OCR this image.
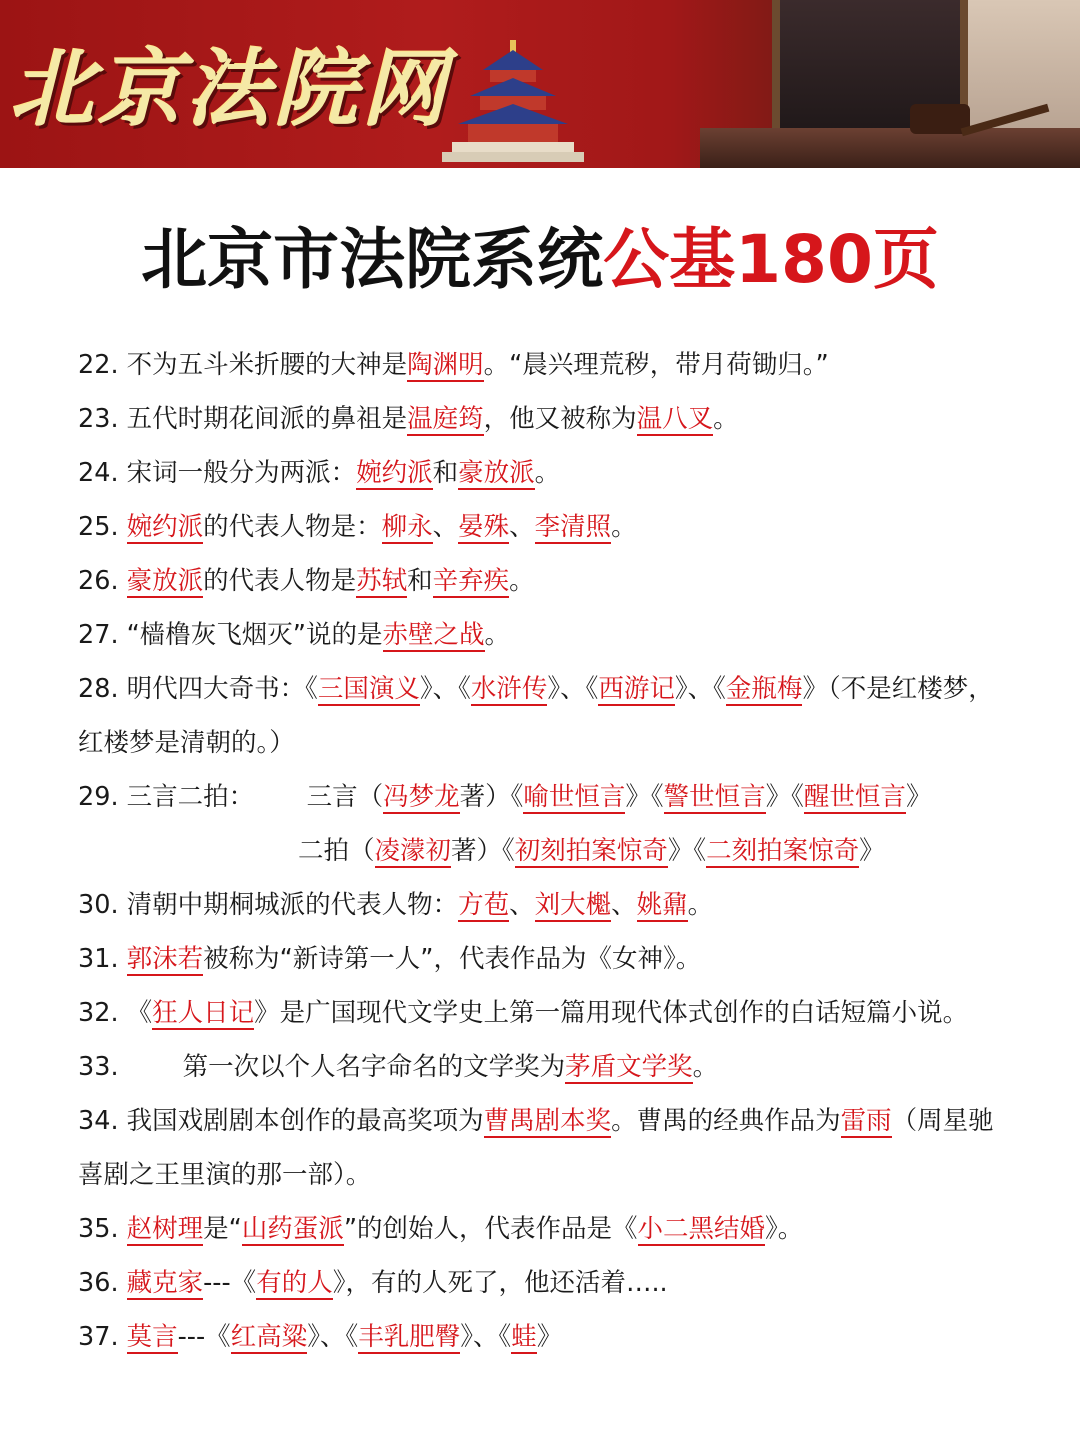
北京法院网
北京市法院系统公基180页
22. 不为五斗米折腰的大神是陶渊明。“晨兴理荒秽，带月荷锄归。”
23. 五代时期花间派的鼻祖是温庭筠，他又被称为温八叉。
24. 宋词一般分为两派：婉约派和豪放派。
25. 婉约派的代表人物是：柳永、晏殊、李清照。
26. 豪放派的代表人物是苏轼和辛弃疾。
27. “樯橹灰飞烟灭”说的是赤壁之战。
28. 明代四大奇书：《三国演义》、《水浒传》、《西游记》、《金瓶梅》（不是红楼梦，
红楼梦是清朝的。）
29. 三言二拍： 三言（冯梦龙著）《喻世恒言》《警世恒言》《醒世恒言》
二拍（凌濛初著）《初刻拍案惊奇》《二刻拍案惊奇》
30. 清朝中期桐城派的代表人物：方苞、刘大櫆、姚鼐。
31. 郭沫若被称为“新诗第一人”，代表作品为《女神》。
32. 《狂人日记》是广国现代文学史上第一篇用现代体式创作的白话短篇小说。
33.	第一次以个人名字命名的文学奖为茅盾文学奖。
34. 我国戏剧剧本创作的最高奖项为曹禺剧本奖。曹禺的经典作品为雷雨（周星驰
喜剧之王里演的那一部）。
35. 赵树理是“山药蛋派”的创始人，代表作品是《小二黑结婚》。
36. 藏克家---《有的人》，有的人死了，他还活着…..
37. 莫言---《红高粱》、《丰乳肥臀》、《蛙》
